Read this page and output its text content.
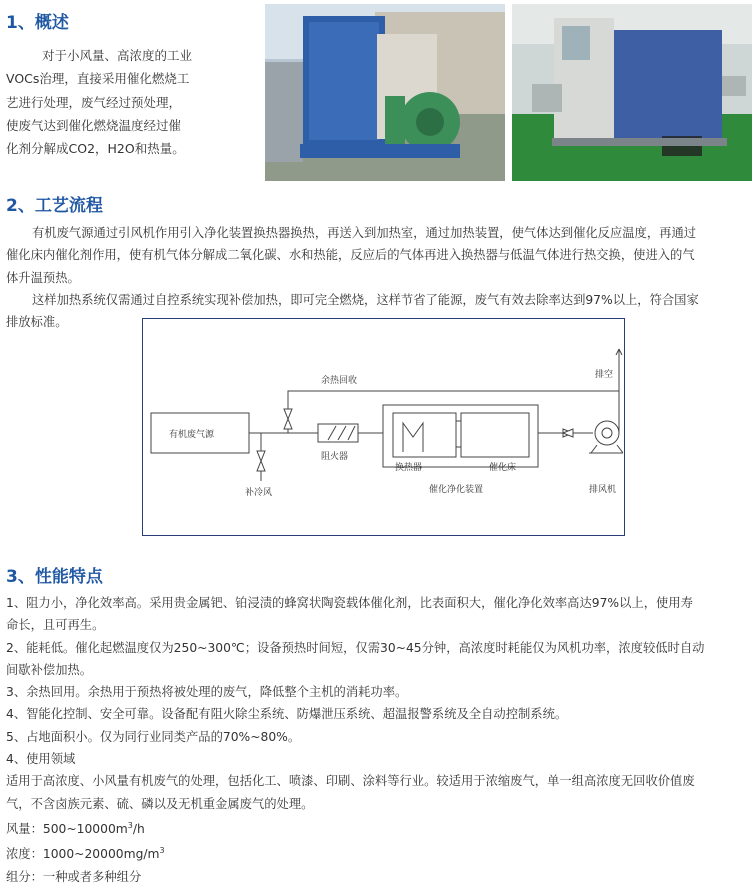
1、概述
对于小风量、高浓度的工业
VOCs治理，直接采用催化燃烧工
艺进行处理，废气经过预处理，
使废气达到催化燃烧温度经过催
化剂分解成CO2，H2O和热量。
2、工艺流程
有机废气源通过引风机作用引入净化装置换热器换热，再送入到加热室，通过加热装置，使气体达到催化反应温度，再通过
催化床内催化剂作用，使有机气体分解成二氧化碳、水和热能，反应后的气体再进入换热器与低温气体进行热交换，使进入的气
体升温预热。
这样加热系统仅需通过自控系统实现补偿加热，即可完全燃烧，这样节省了能源，废气有效去除率达到97%以上，符合国家
排放标准。
有机废气源
余热回收
排空
阻火器
补冷风
换热器	催化床
催化净化装置	排风机
3、性能特点
1、阻力小，净化效率高。采用贵金属钯、铂浸渍的蜂窝状陶瓷载体催化剂，比表面积大，催化净化效率高达97%以上，使用寿
命长，且可再生。
2、能耗低。催化起燃温度仅为250~300℃；设备预热时间短，仅需30~45分钟，高浓度时耗能仅为风机功率，浓度较低时自动
间歇补偿加热。
3、余热回用。余热用于预热将被处理的废气，降低整个主机的消耗功率。
4、智能化控制、安全可靠。设备配有阻火除尘系统、防爆泄压系统、超温报警系统及全自动控制系统。
5、占地面积小。仅为同行业同类产品的70%~80%。
4、使用领域
适用于高浓度、小风量有机废气的处理，包括化工、喷漆、印刷、涂料等行业。较适用于浓缩废气，单一组高浓度无回收价值废
气，不含卤族元素、硫、磷以及无机重金属废气的处理。
风量：$500\sim 10000m^3/h$
浓度：$1000\sim 20000mg/m^3$
组分：一种或者多种组分
